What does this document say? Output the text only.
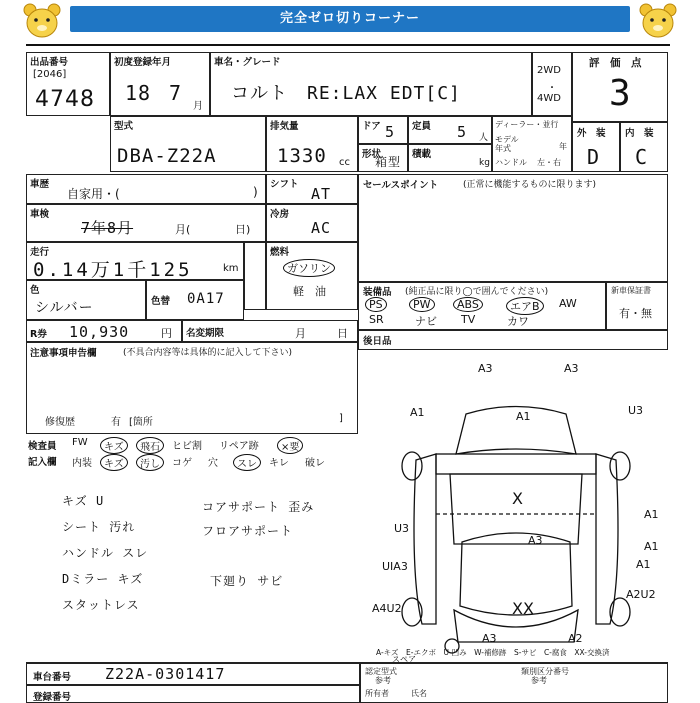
完全ゼロ切りコーナー
出品番号
[2046]
4748
初度登録年月
18 7
月
車名・グレード
コルト　RE:LAX EDT[C]
2WD
・
4WD
評　価　点
3
型式
DBA-Z22A
排気量
1330 cc
ドア 5 定員 5 人
形状
箱型
積載
kg
ディーラー・並行
モデル年式	年
ハンドル 左・右
外　装
D
内　装
C
車歴
自家用・(	)
シフト
AT
車検
7年8月	月(	日)
冷房
AC
走行
0.14万1千125	km
燃料
ガソリン
軽　油
色
シルバー	色替 0A17
R券 10,930	円 名変期限	月	日
注意事項申告欄	(不具合内容等は具体的に記入して下さい)
修復歴	有 [箇所	]
セールスポイント	(正常に機能するものに限ります)
装備品 (純正品に限り◯で囲んでください)
PS	PW	ABS	エアB	AW
SR	ナビ TV	カワ
新車保証書
有・無
後日品
検査員
記入欄
FW	キズ	飛石	ヒビ割 リペア跡	×要
内装	キズ	汚し	コゲ 穴	スレ	キレ 破レ
キズ U
シート 汚れ
ハンドル スレ
Dミラー キズ
スタットレス
コアサポート 歪み
フロアサポート
下廻り サビ
A3	A3
A1
A1	U3
A1
U3
A1
UIA3
A3
A1
A2U2
A4U2	XX
A3	A2
X
スペア
A-キズ　E-エクボ　U-凹み　W-補修跡　S-サビ　C-腐食　XX-交換済
車台番号 Z22A-0301417
登録番号
認定型式
参考
類別区分番号
参考
所有者	氏名
